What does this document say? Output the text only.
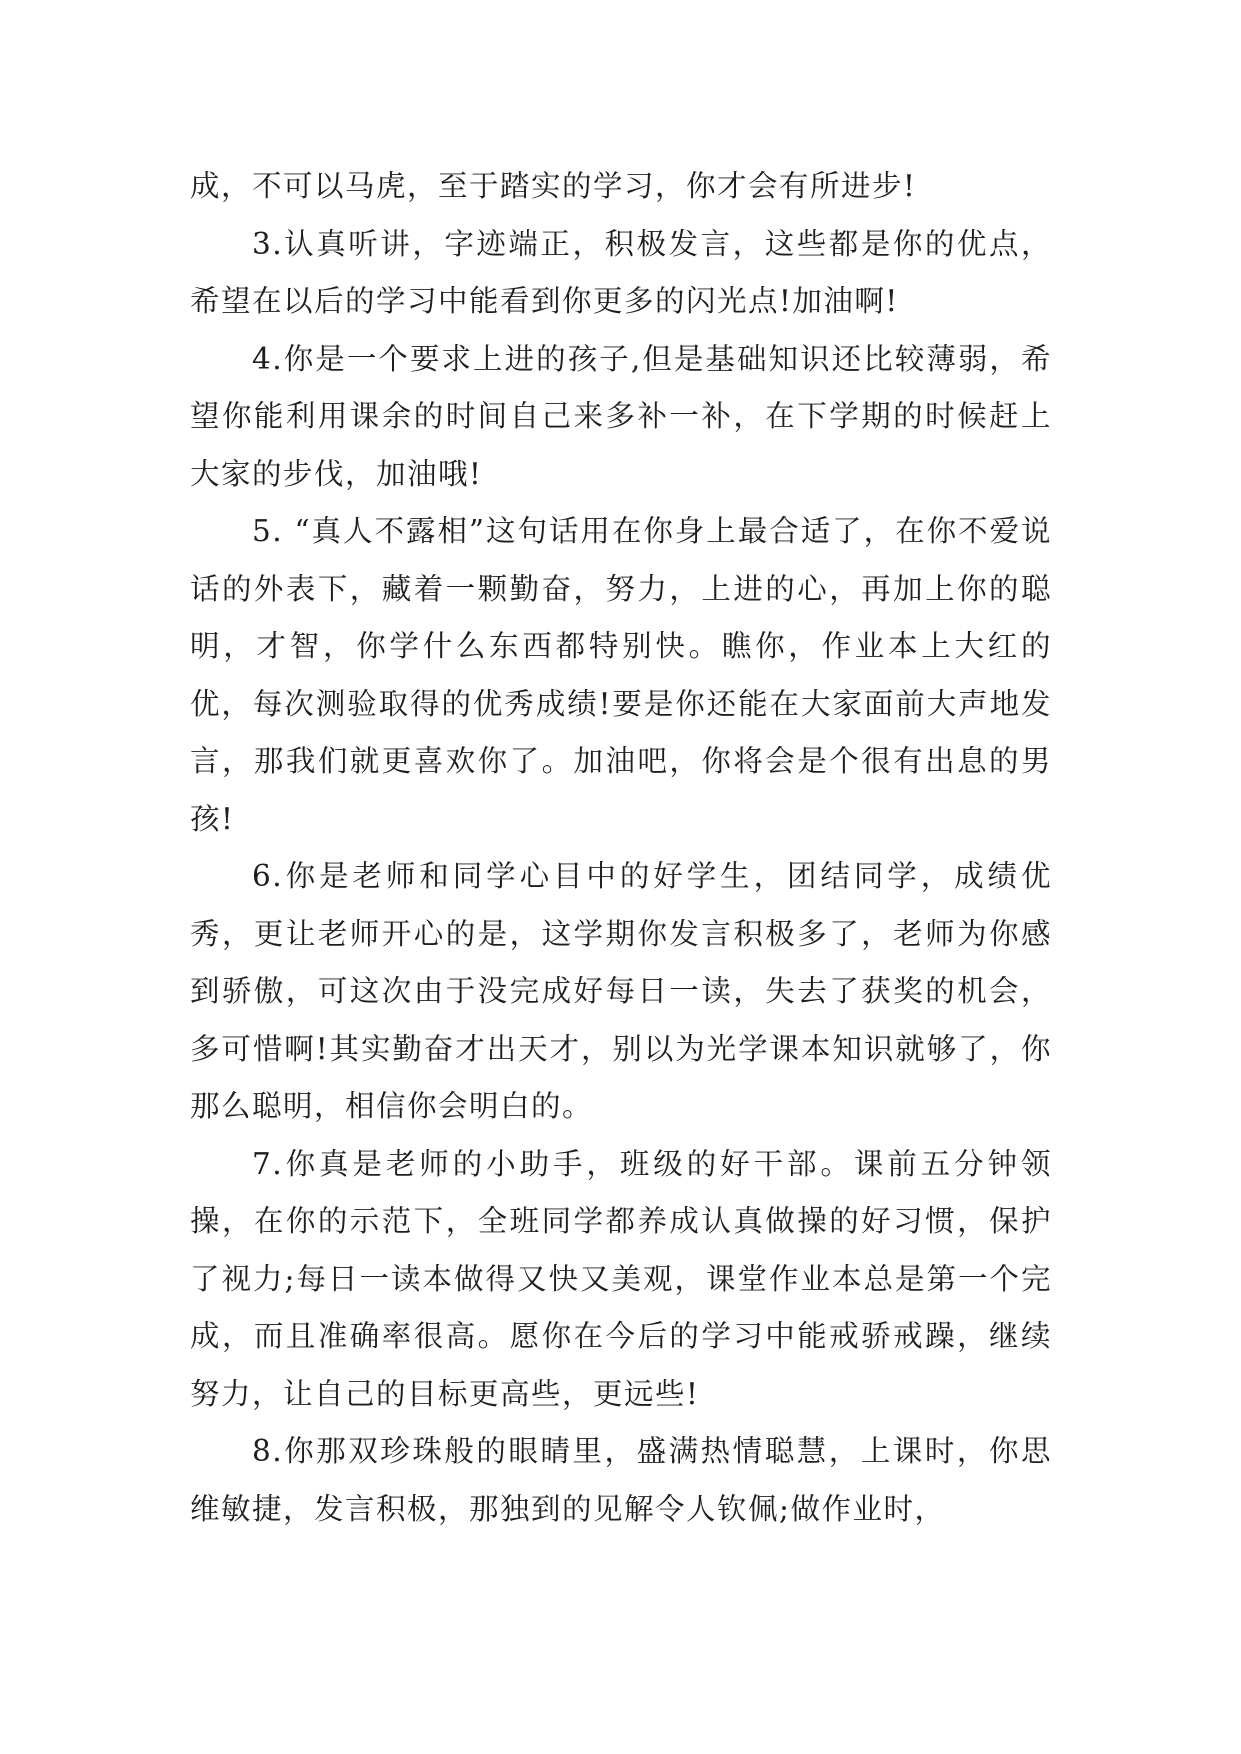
成，不可以马虎，至于踏实的学习，你才会有所进步!

3.认真听讲，字迹端正，积极发言，这些都是你的优点，希望在以后的学习中能看到你更多的闪光点!加油啊!

4.你是一个要求上进的孩子,但是基础知识还比较薄弱，希望你能利用课余的时间自己来多补一补，在下学期的时候赶上大家的步伐，加油哦!

5. “真人不露相”这句话用在你身上最合适了，在你不爱说话的外表下，藏着一颗勤奋，努力，上进的心，再加上你的聪明，才智，你学什么东西都特别快。瞧你，作业本上大红的优，每次测验取得的优秀成绩!要是你还能在大家面前大声地发言，那我们就更喜欢你了。加油吧，你将会是个很有出息的男孩!

6.你是老师和同学心目中的好学生，团结同学，成绩优秀，更让老师开心的是，这学期你发言积极多了，老师为你感到骄傲，可这次由于没完成好每日一读，失去了获奖的机会，多可惜啊!其实勤奋才出天才，别以为光学课本知识就够了，你那么聪明，相信你会明白的。

7.你真是老师的小助手，班级的好干部。课前五分钟领操，在你的示范下，全班同学都养成认真做操的好习惯，保护了视力;每日一读本做得又快又美观，课堂作业本总是第一个完成，而且准确率很高。愿你在今后的学习中能戒骄戒躁，继续努力，让自己的目标更高些，更远些!

8.你那双珍珠般的眼睛里，盛满热情聪慧，上课时，你思维敏捷，发言积极，那独到的见解令人钦佩;做作业时，
